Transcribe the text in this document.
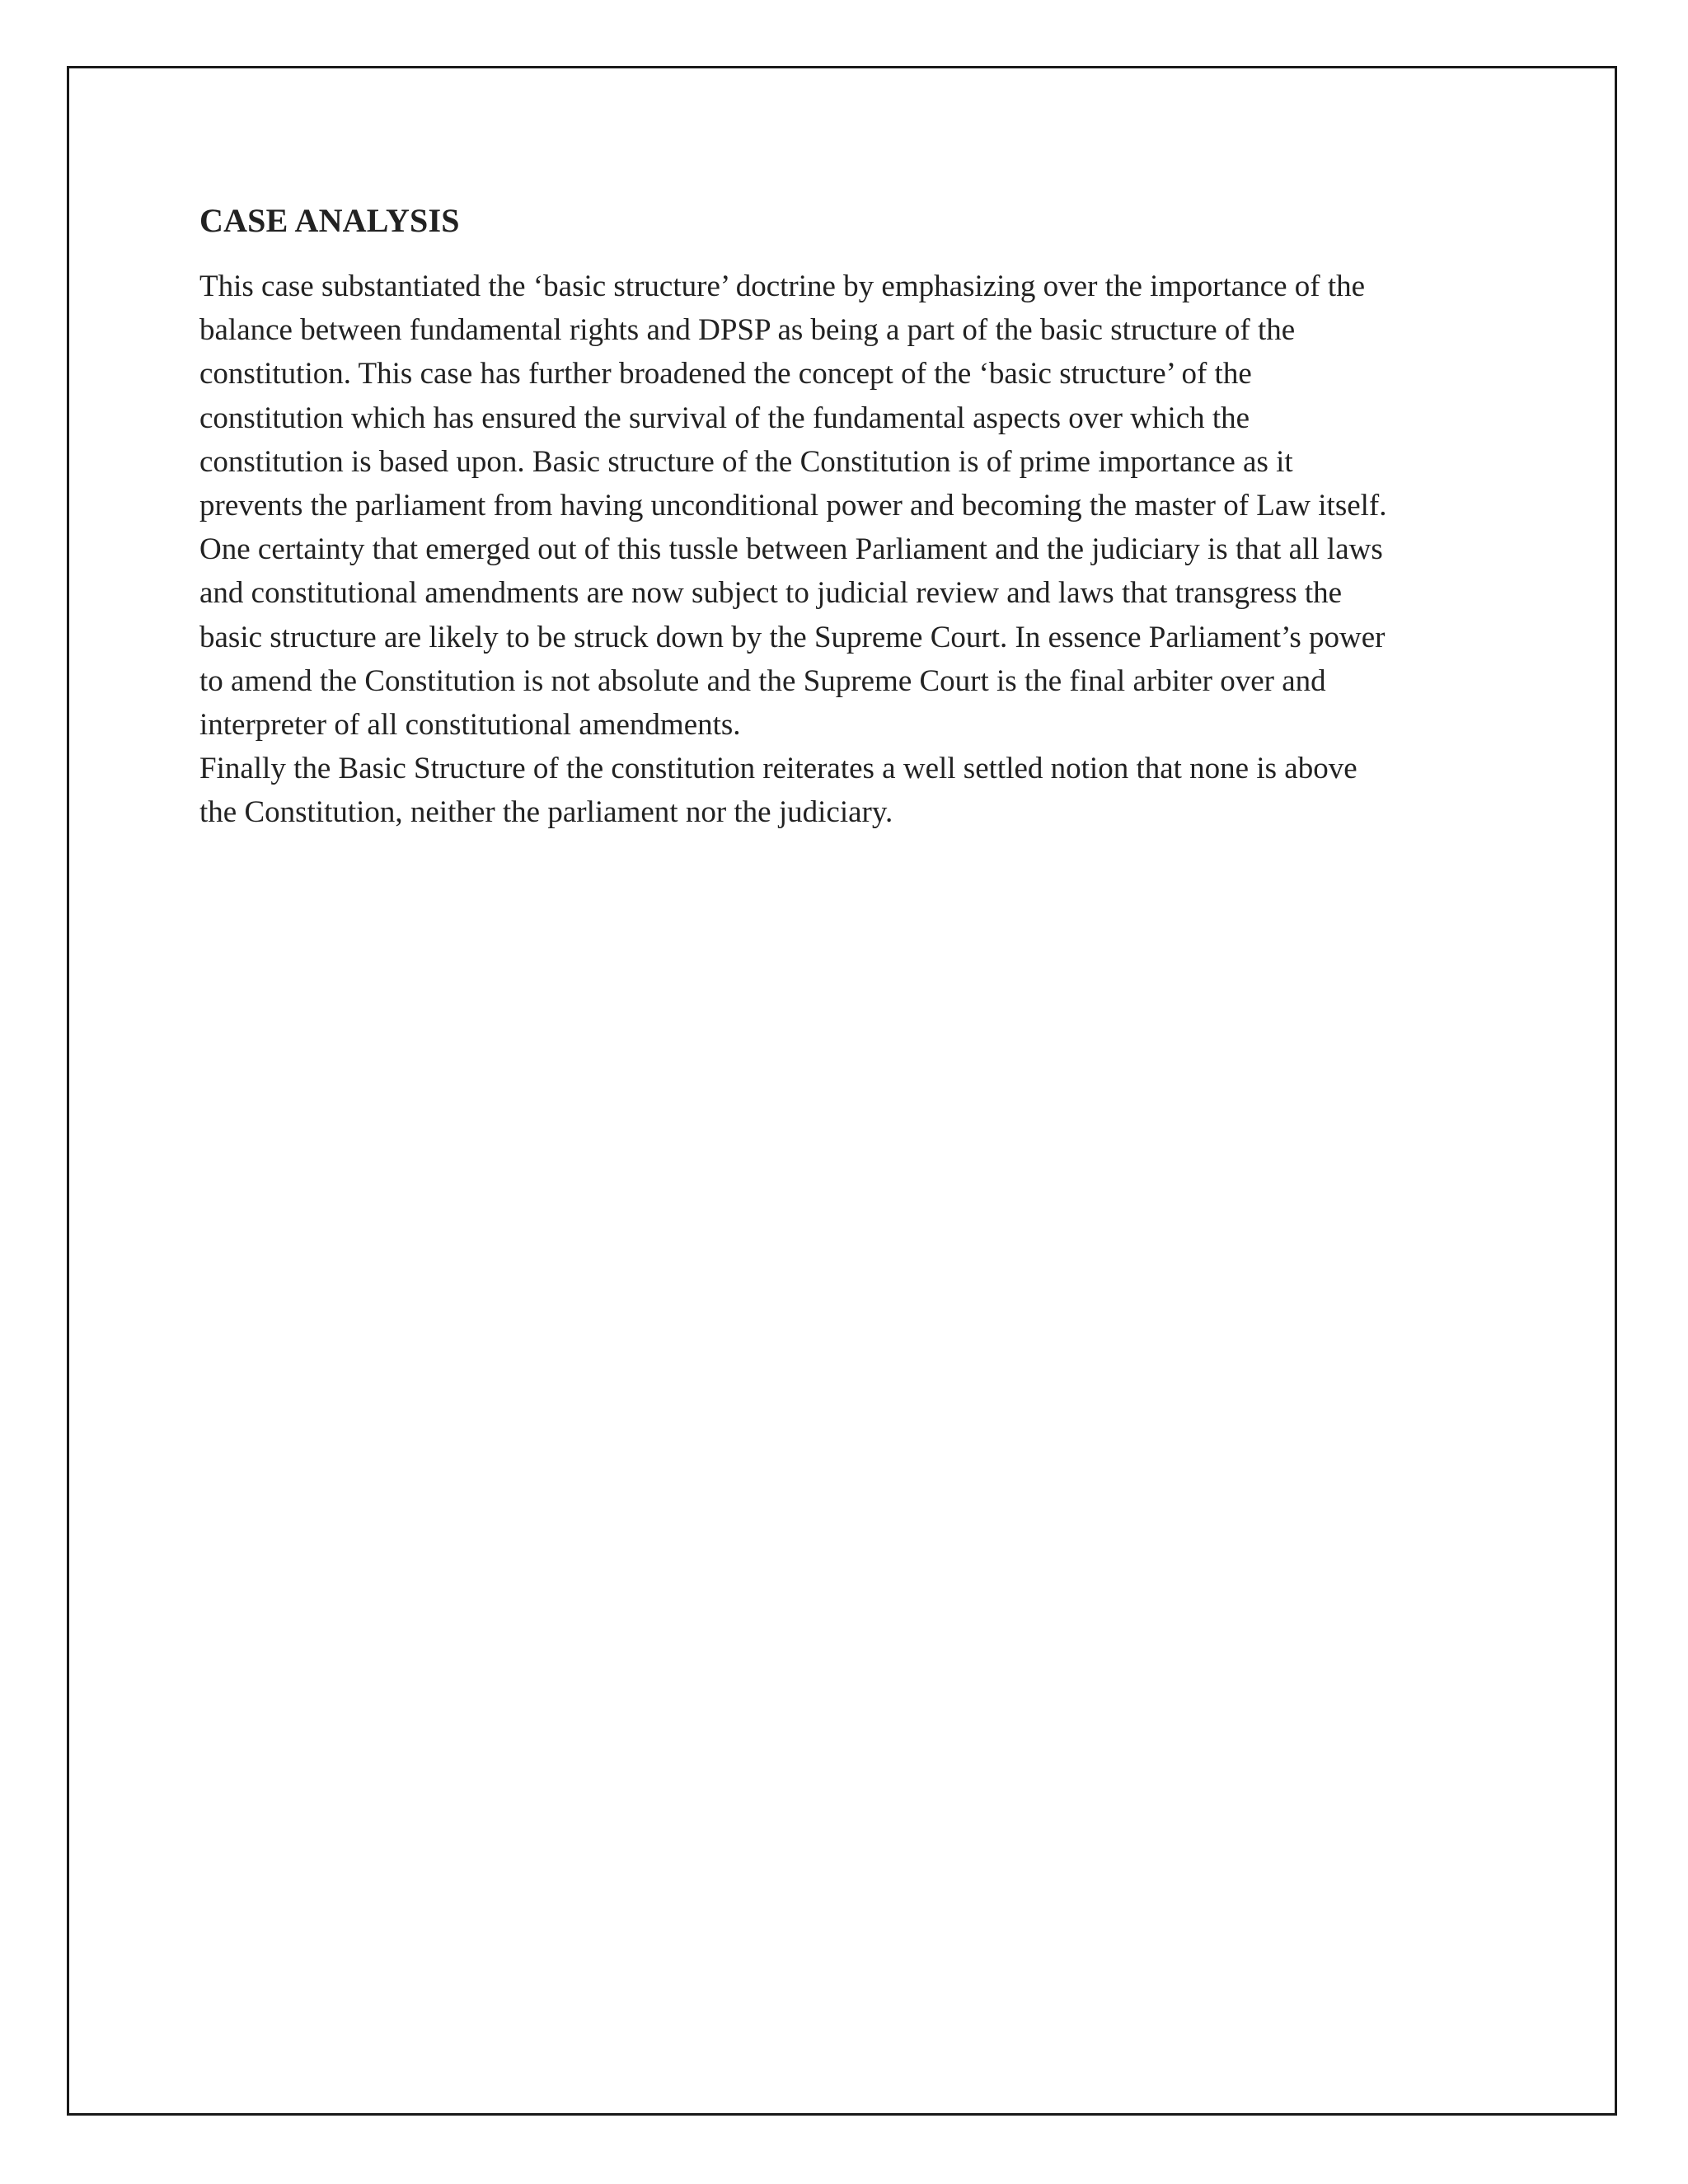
CASE ANALYSIS

This case substantiated the ‘basic structure’ doctrine by emphasizing over the importance of the
balance between fundamental rights and DPSP as being a part of the basic structure of the
constitution. This case has further broadened the concept of the ‘basic structure’ of the
constitution which has ensured the survival of the fundamental aspects over which the
constitution is based upon. Basic structure of the Constitution is of prime importance as it
prevents the parliament from having unconditional power and becoming the master of Law itself.
One certainty that emerged out of this tussle between Parliament and the judiciary is that all laws
and constitutional amendments are now subject to judicial review and laws that transgress the
basic structure are likely to be struck down by the Supreme Court. In essence Parliament’s power
to amend the Constitution is not absolute and the Supreme Court is the final arbiter over and
interpreter of all constitutional amendments.

Finally the Basic Structure of the constitution reiterates a well settled notion that none is above
the Constitution, neither the parliament nor the judiciary.
